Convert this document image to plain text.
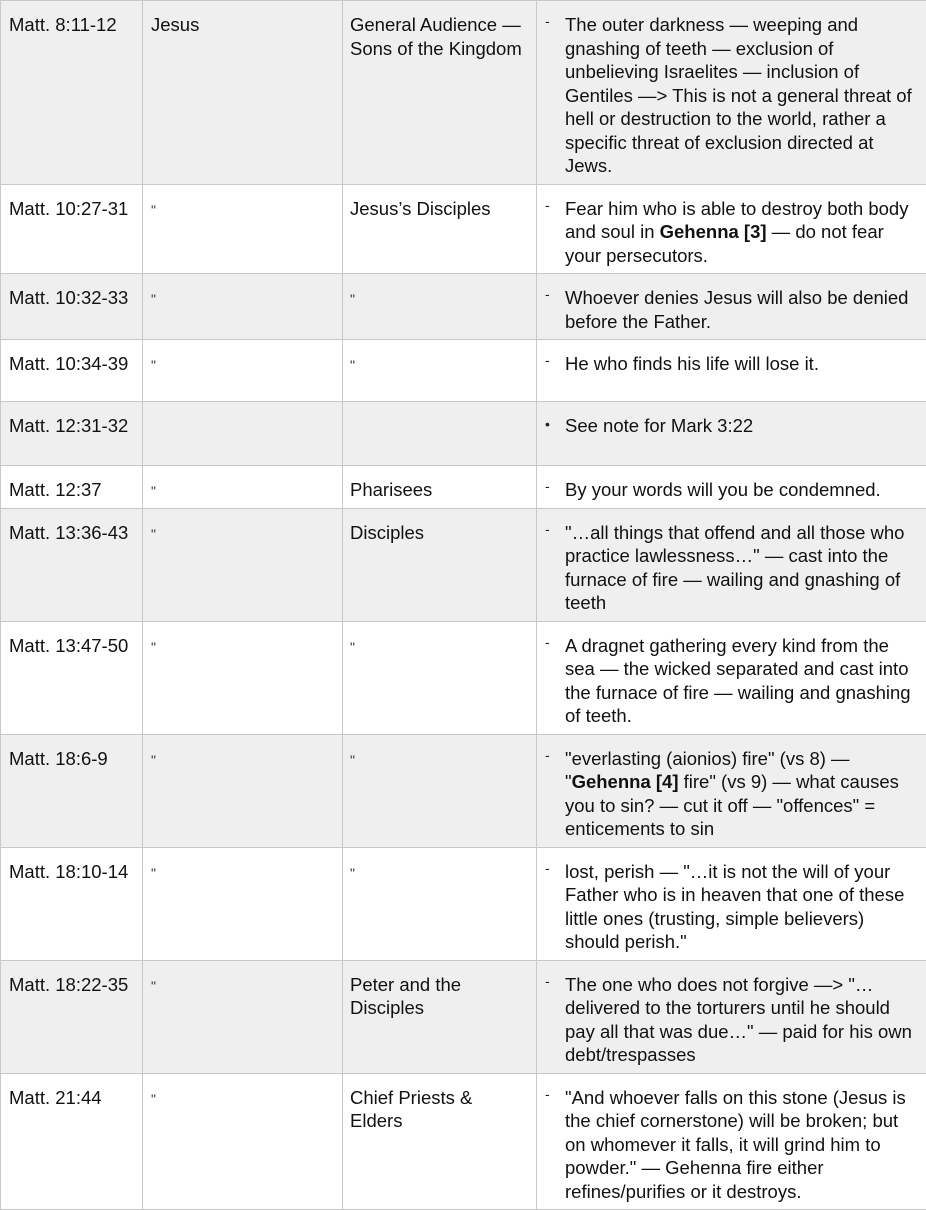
Matt. 8:11-12	Jesus	General Audience — Sons of the Kingdom	- The outer darkness — weeping and gnashing of teeth — exclusion of unbelieving Israelites — inclusion of Gentiles —> This is not a general threat of hell or destruction to the world, rather a specific threat of exclusion directed at Jews.

Matt. 10:27-31	"	Jesus’s Disciples	- Fear him who is able to destroy both body and soul in Gehenna [3] — do not fear your persecutors.

Matt. 10:32-33	"	"	- Whoever denies Jesus will also be denied before the Father.

Matt. 10:34-39	"	"	- He who finds his life will lose it.

Matt. 12:31-32			• See note for Mark 3:22

Matt. 12:37	"	Pharisees	- By your words will you be condemned.

Matt. 13:36-43	"	Disciples	- "…all things that offend and all those who practice lawlessness…" — cast into the furnace of fire — wailing and gnashing of teeth

Matt. 13:47-50	"	"	- A dragnet gathering every kind from the sea — the wicked separated and cast into the furnace of fire — wailing and gnashing of teeth.

Matt. 18:6-9	"	"	- "everlasting (aionios) fire" (vs 8) — "Gehenna [4] fire" (vs 9) — what causes you to sin? — cut it off — "offences" = enticements to sin

Matt. 18:10-14	"	"	- lost, perish — "…it is not the will of your Father who is in heaven that one of these little ones (trusting, simple believers) should perish."

Matt. 18:22-35	"	Peter and the Disciples	- The one who does not forgive —> "…delivered to the torturers until he should pay all that was due…" — paid for his own debt/trespasses

Matt. 21:44	"	Chief Priests & Elders	- "And whoever falls on this stone (Jesus is the chief cornerstone) will be broken; but on whomever it falls, it will grind him to powder." — Gehenna fire either refines/purifies or it destroys.
